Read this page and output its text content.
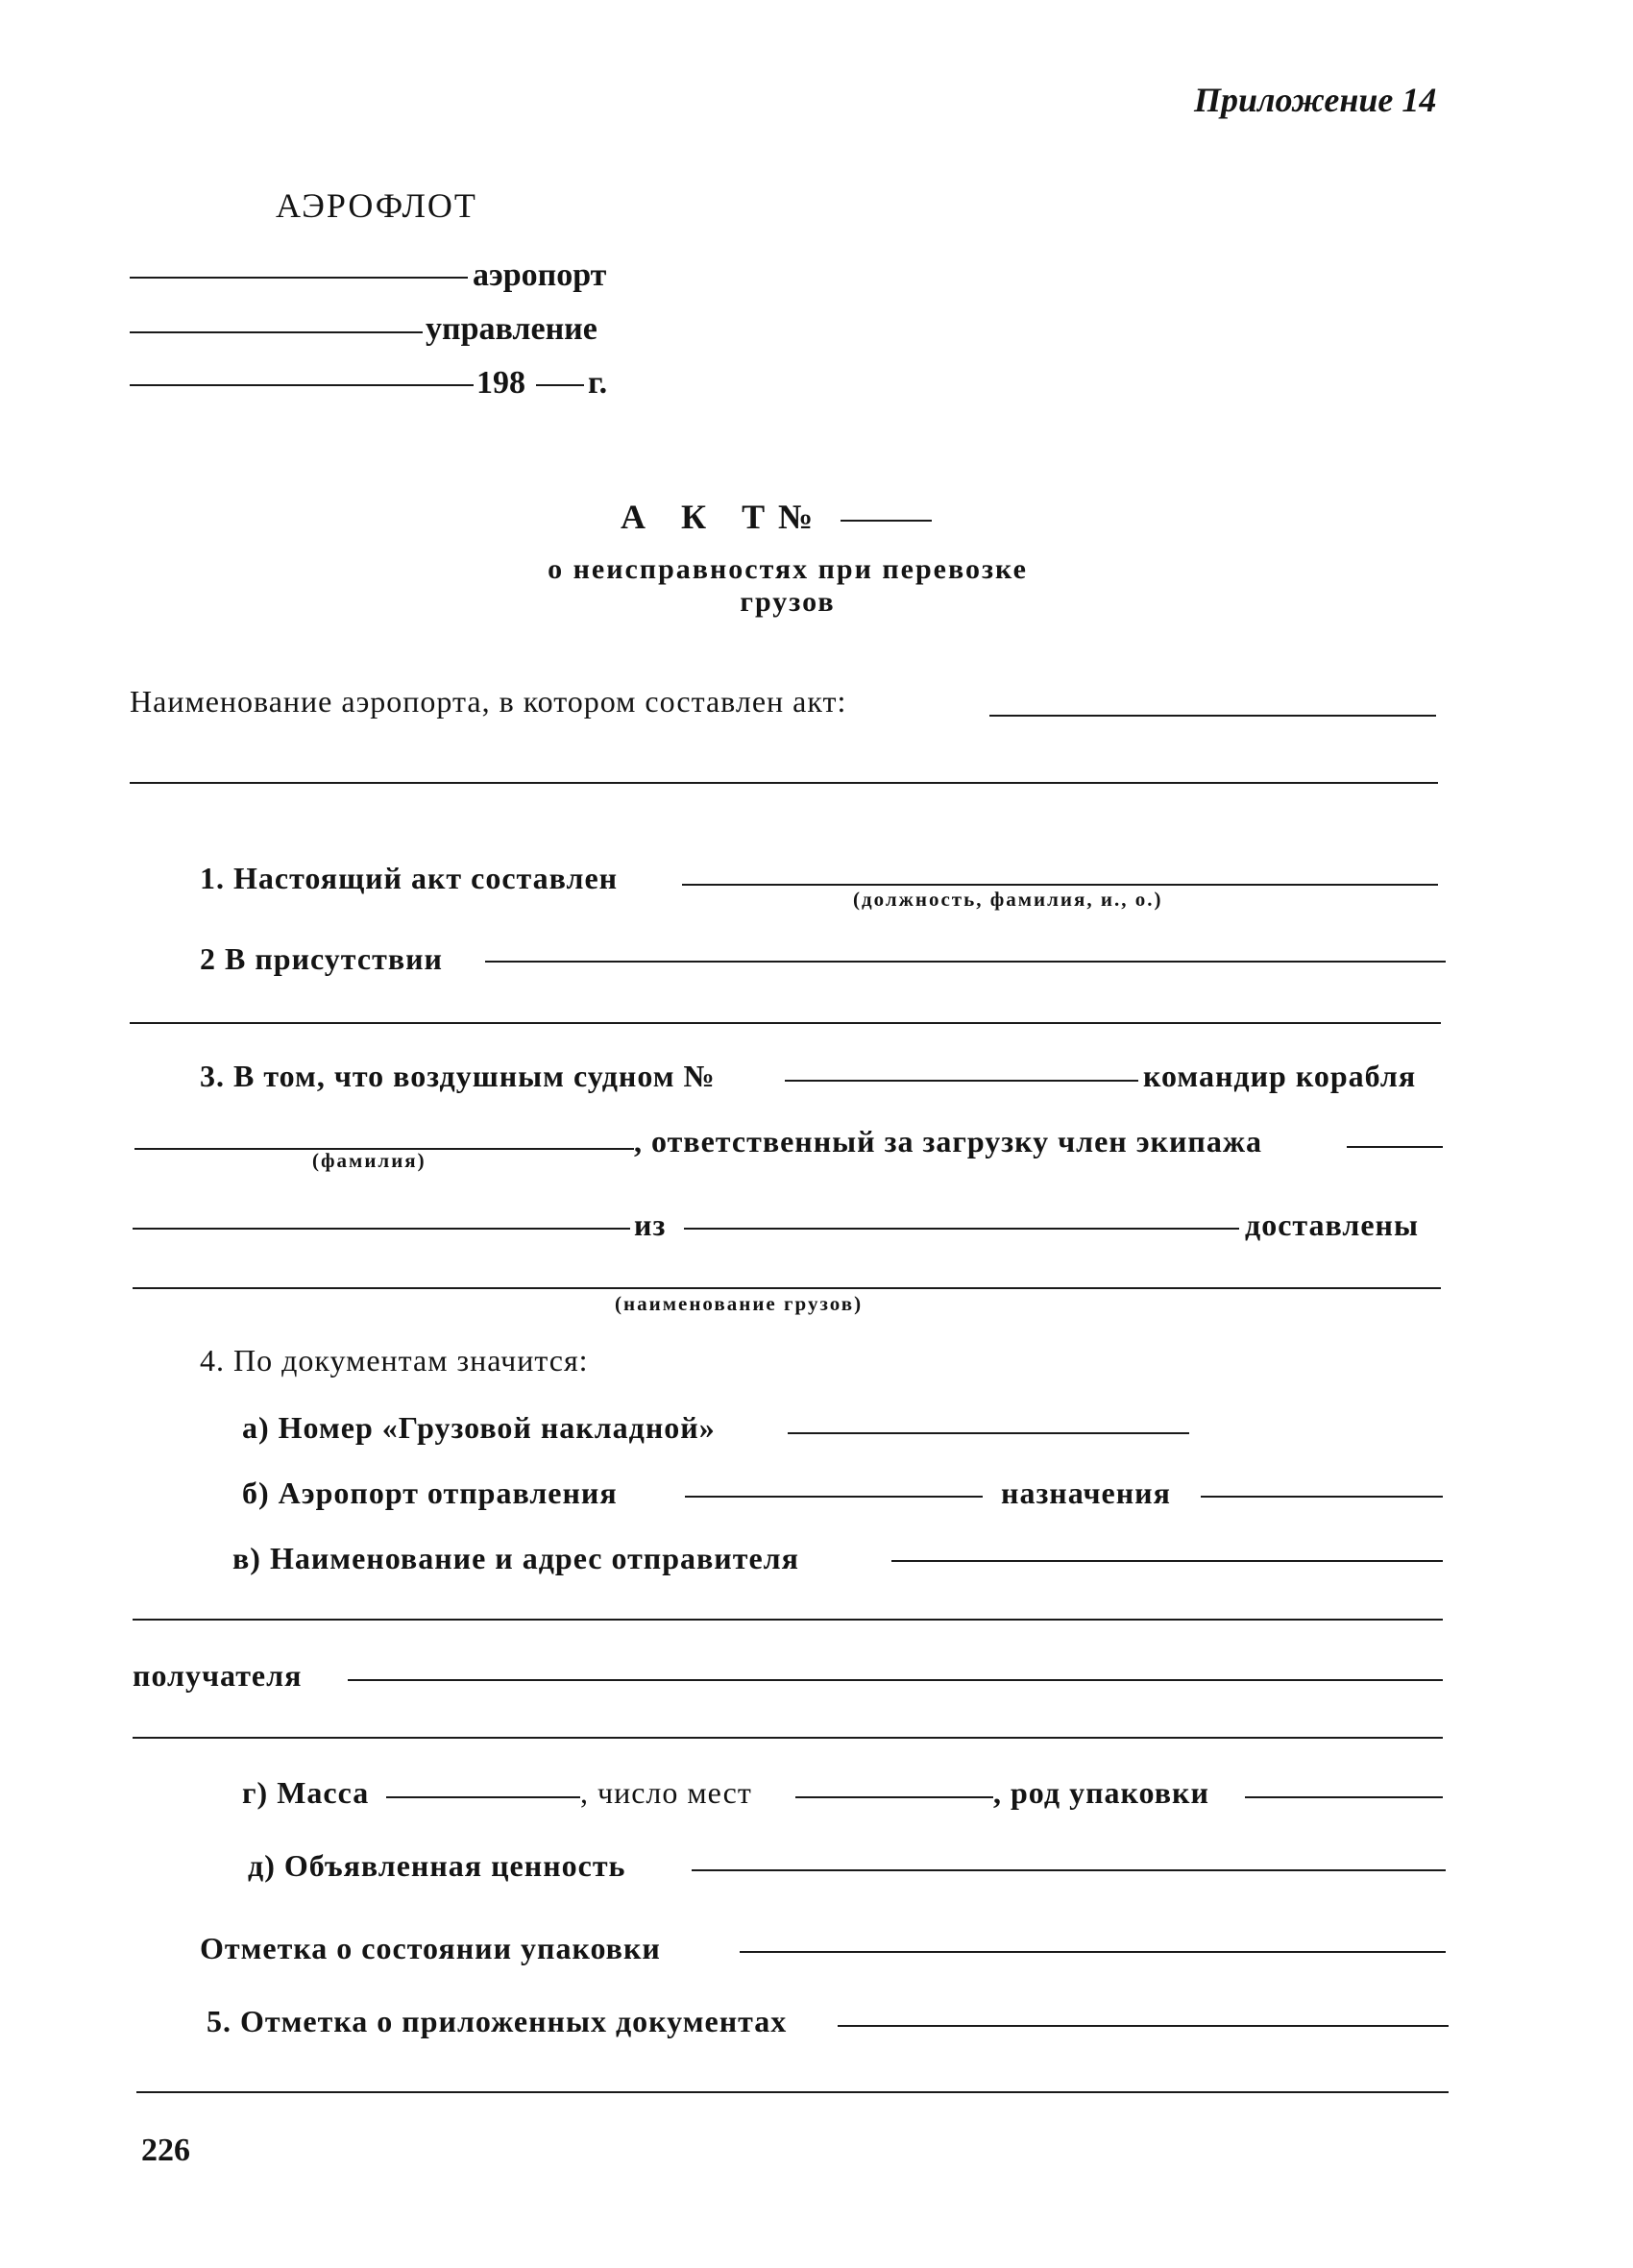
Приложение 14
АЭРОФЛОТ
аэропорт
управление
198 г.
А К Т №
о неисправностях при перевозке
грузов
Наименование аэропорта, в котором составлен акт:
1. Настоящий акт составлен
(должность, фамилия, и., о.)
2 В присутствии
3. В том, что воздушным судном №	командир корабля
(фамилия)
, ответственный за загрузку член экипажа
из	доставлены
(наименование грузов)
4. По документам значится:
а) Номер «Грузовой накладной»
б) Аэропорт отправления	назначения
в) Наименование и адрес отправителя
получателя
г) Масса	, число мест	, род упаковки
д) Объявленная ценность
Отметка о состоянии упаковки
5. Отметка о приложенных документах
226
